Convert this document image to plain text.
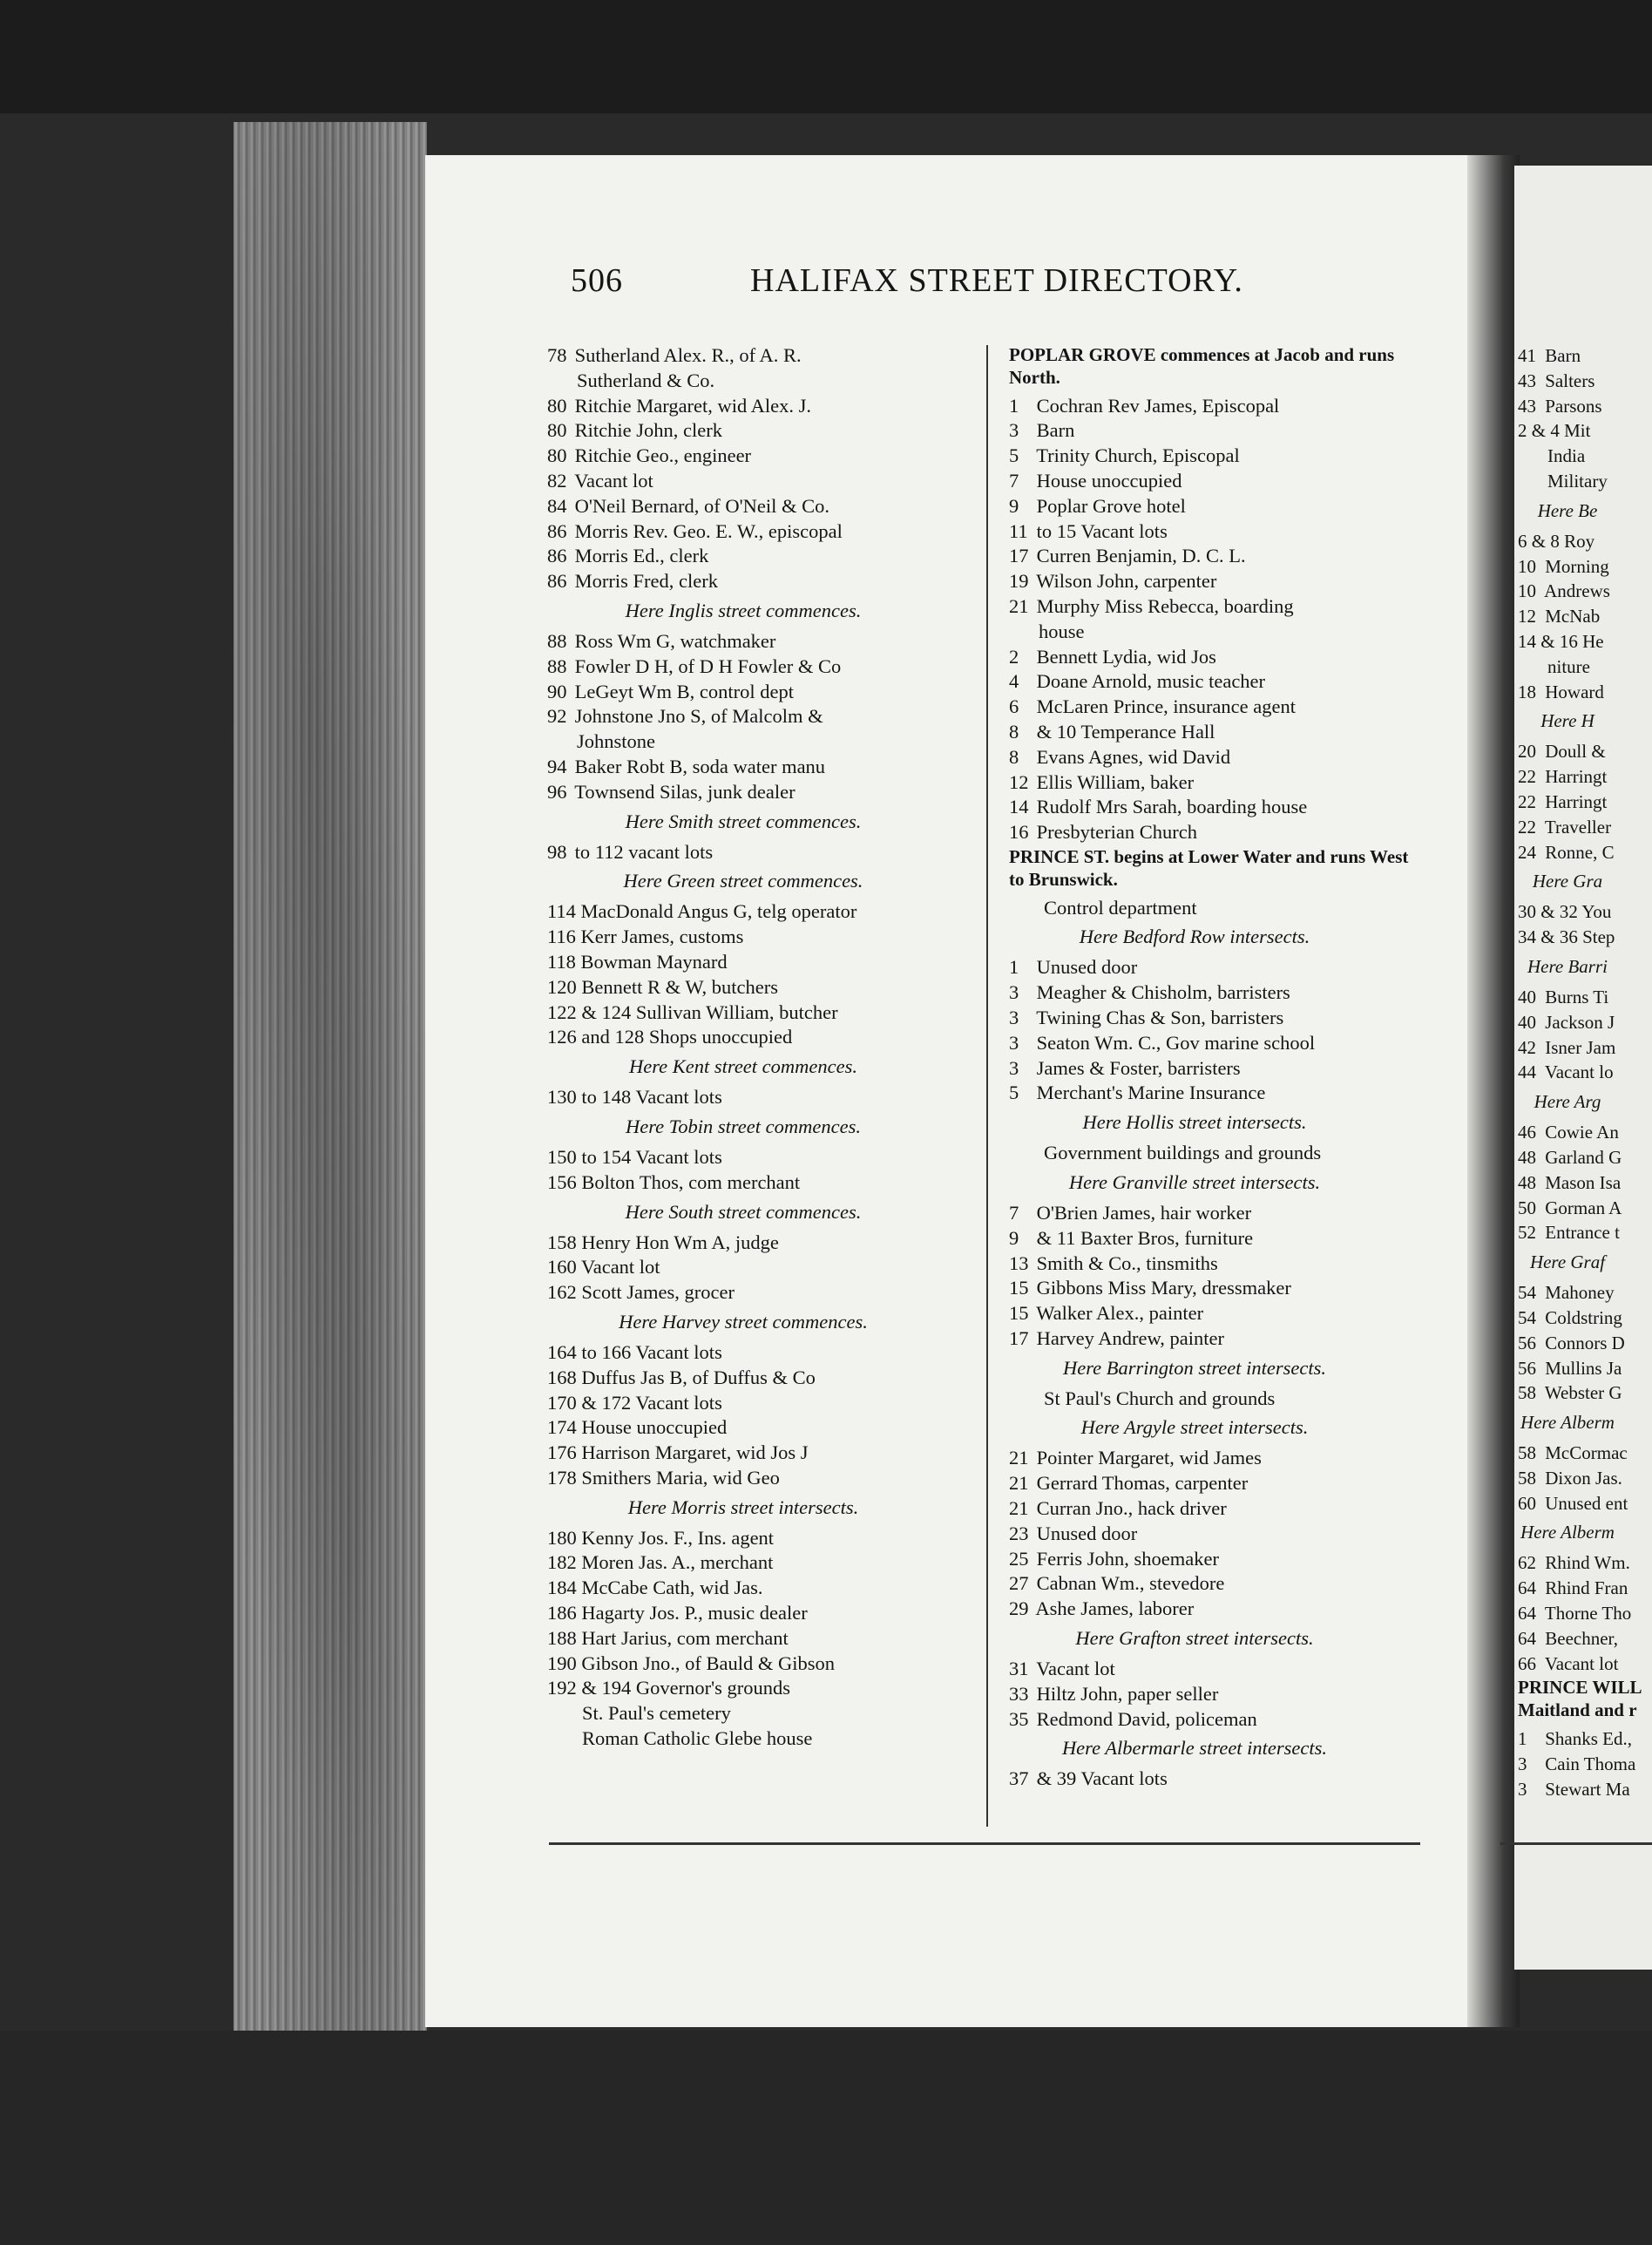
506	HALIFAX STREET DIRECTORY.
78 Sutherland Alex. R., of A. R.
Sutherland & Co.
80 Ritchie Margaret, wid Alex. J.
80 Ritchie John, clerk
80 Ritchie Geo., engineer
82 Vacant lot
84 O'Neil Bernard, of O'Neil & Co.
86 Morris Rev. Geo. E. W., episcopal
86 Morris Ed., clerk
86 Morris Fred, clerk
Here Inglis street commences.
88 Ross Wm G, watchmaker
88 Fowler D H, of D H Fowler & Co
90 LeGeyt Wm B, control dept
92 Johnstone Jno S, of Malcolm &
Johnstone
94 Baker Robt B, soda water manu
96 Townsend Silas, junk dealer
Here Smith street commences.
98 to 112 vacant lots
Here Green street commences.
114 MacDonald Angus G, telg operator
116 Kerr James, customs
118 Bowman Maynard
120 Bennett R & W, butchers
122 & 124 Sullivan William, butcher
126 and 128 Shops unoccupied
Here Kent street commences.
130 to 148 Vacant lots
Here Tobin street commences.
150 to 154 Vacant lots
156 Bolton Thos, com merchant
Here South street commences.
158 Henry Hon Wm A, judge
160 Vacant lot
162 Scott James, grocer
Here Harvey street commences.
164 to 166 Vacant lots
168 Duffus Jas B, of Duffus & Co
170 & 172 Vacant lots
174 House unoccupied
176 Harrison Margaret, wid Jos J
178 Smithers Maria, wid Geo
Here Morris street intersects.
180 Kenny Jos. F., Ins. agent
182 Moren Jas. A., merchant
184 McCabe Cath, wid Jas.
186 Hagarty Jos. P., music dealer
188 Hart Jarius, com merchant
190 Gibson Jno., of Bauld & Gibson
192 & 194 Governor's grounds
St. Paul's cemetery
Roman Catholic Glebe house
POPLAR GROVE commences at Jacob and runs North.
1 Cochran Rev James, Episcopal
3 Barn
5 Trinity Church, Episcopal
7 House unoccupied
9 Poplar Grove hotel
11 to 15 Vacant lots
17 Curren Benjamin, D. C. L.
19 Wilson John, carpenter
21 Murphy Miss Rebecca, boarding
house
2 Bennett Lydia, wid Jos
4 Doane Arnold, music teacher
6 McLaren Prince, insurance agent
8 & 10 Temperance Hall
8 Evans Agnes, wid David
12 Ellis William, baker
14 Rudolf Mrs Sarah, boarding house
16 Presbyterian Church
PRINCE ST. begins at Lower Water and runs West to Brunswick.
Control department
Here Bedford Row intersects.
1 Unused door
3 Meagher & Chisholm, barristers
3 Twining Chas & Son, barristers
3 Seaton Wm. C., Gov marine school
3 James & Foster, barristers
5 Merchant's Marine Insurance
Here Hollis street intersects.
Government buildings and grounds
Here Granville street intersects.
7 O'Brien James, hair worker
9 & 11 Baxter Bros, furniture
13 Smith & Co., tinsmiths
15 Gibbons Miss Mary, dressmaker
15 Walker Alex., painter
17 Harvey Andrew, painter
Here Barrington street intersects.
St Paul's Church and grounds
Here Argyle street intersects.
21 Pointer Margaret, wid James
21 Gerrard Thomas, carpenter
21 Curran Jno., hack driver
23 Unused door
25 Ferris John, shoemaker
27 Cabnan Wm., stevedore
29 Ashe James, laborer
Here Grafton street intersects.
31 Vacant lot
33 Hiltz John, paper seller
35 Redmond David, policeman
Here Albermarle street intersects.
37 & 39 Vacant lots
41 Barn
43 Salters
43 Parsons
2 & 4 Mit
India
Military
Here Be
6 & 8 Roy
10 Morning
10 Andrews
12 McNab
14 & 16 He
niture
18 Howard
Here H
20 Doull &
22 Harringt
22 Harringt
22 Traveller
24 Ronne, C
Here Gra
30 & 32 You
34 & 36 Step
Here Barri
40 Burns Ti
40 Jackson J
42 Isner Jam
44 Vacant lo
Here Arg
46 Cowie An
48 Garland G
48 Mason Isa
50 Gorman A
52 Entrance t
Here Graf
54 Mahoney
54 Coldstring
56 Connors D
56 Mullins Ja
58 Webster G
Here Alberm
58 McCormac
58 Dixon Jas.
60 Unused ent
Here Alberm
62 Rhind Wm.
64 Rhind Fran
64 Thorne Tho
64 Beechner,
66 Vacant lot
PRINCE WILL Maitland and r
1 Shanks Ed.,
3 Cain Thoma
3 Stewart Ma
